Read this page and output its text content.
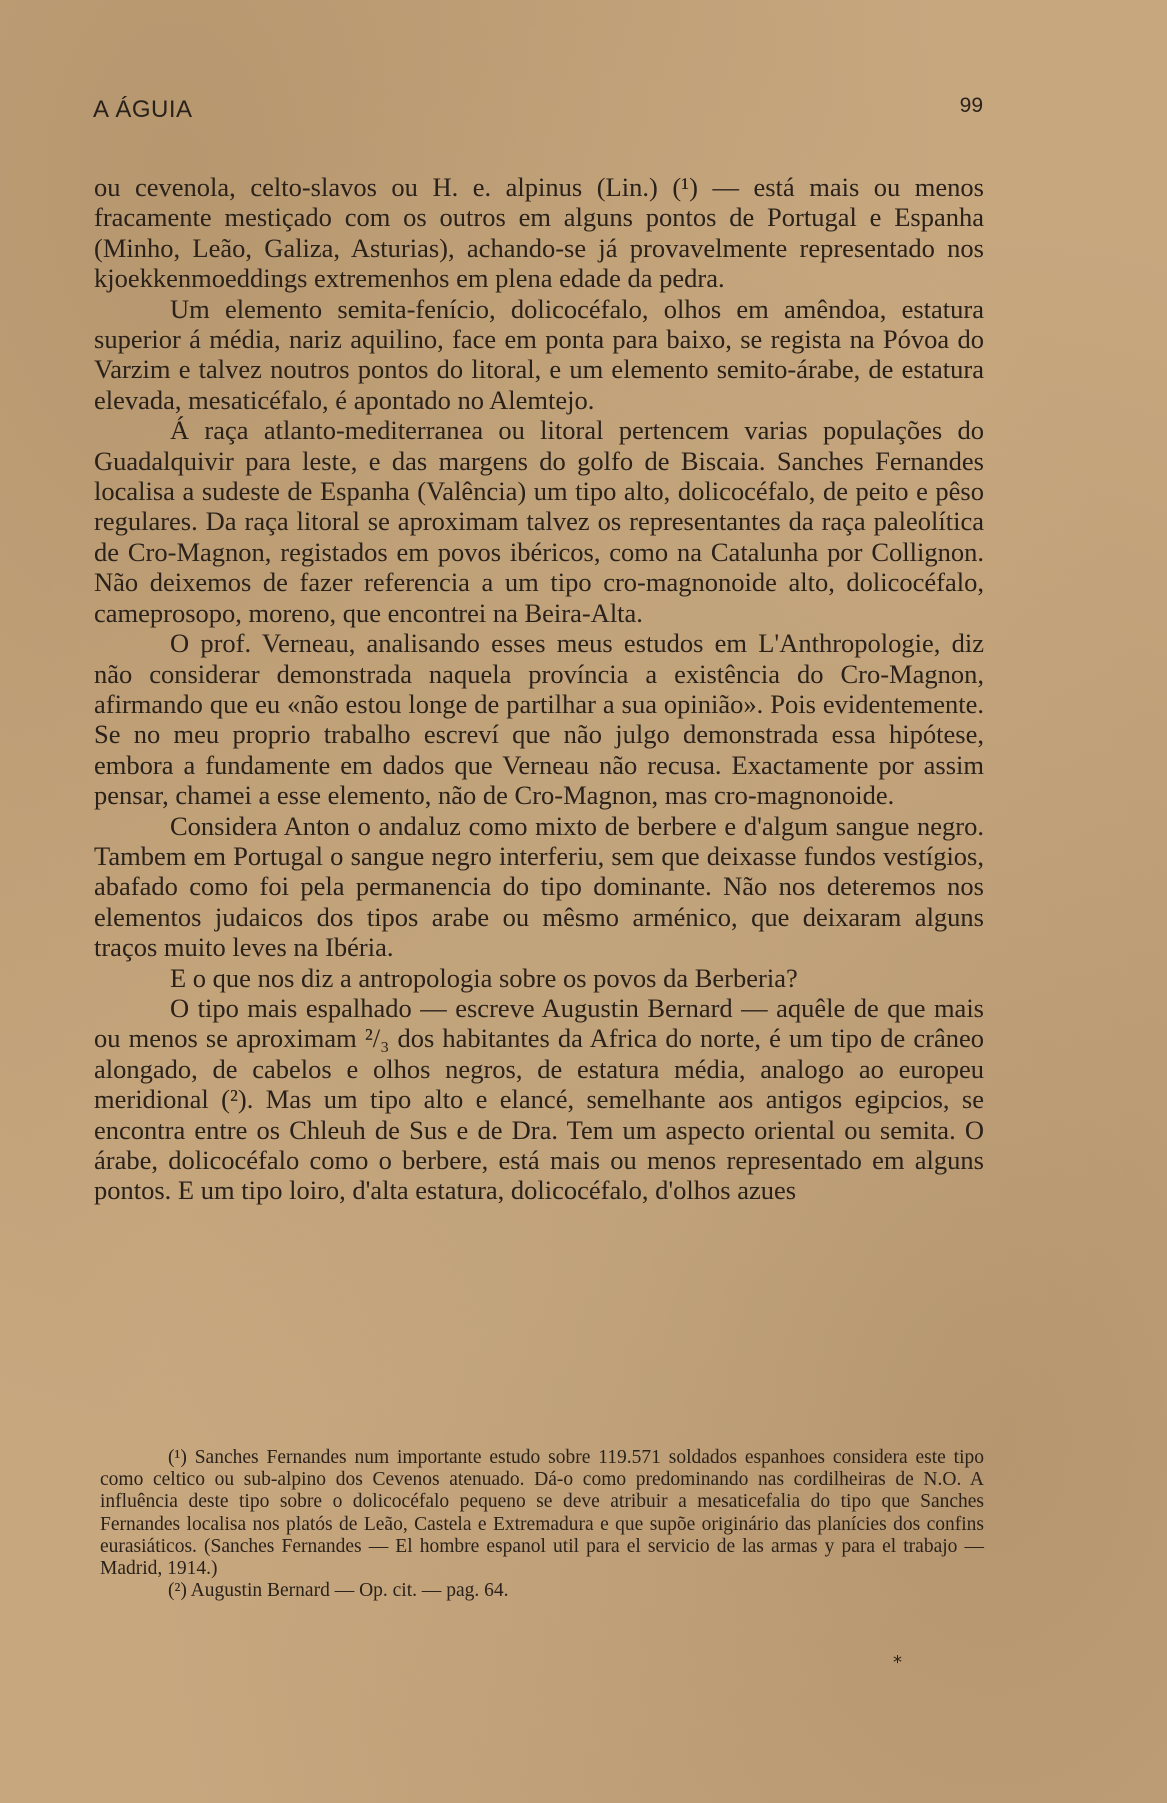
A ÁGUIA	99

ou cevenola, celto-slavos ou H. e. alpinus (Lin.) (¹) — está mais ou menos fracamente mestiçado com os outros em alguns pontos de Portugal e Espanha (Minho, Leão, Galiza, Asturias), achando-se já provavelmente representado nos kjoekkenmoeddings extremenhos em plena edade da pedra.

Um elemento semita-fenício, dolicocéfalo, olhos em amêndoa, estatura superior á média, nariz aquilino, face em ponta para baixo, se regista na Póvoa do Varzim e talvez noutros pontos do litoral, e um elemento semito-árabe, de estatura elevada, mesaticéfalo, é apontado no Alemtejo.

Á raça atlanto-mediterranea ou litoral pertencem varias populações do Guadalquivir para leste, e das margens do golfo de Biscaia. Sanches Fernandes localisa a sudeste de Espanha (Valência) um tipo alto, dolicocéfalo, de peito e pêso regulares. Da raça litoral se aproximam talvez os representantes da raça paleolítica de Cro-Magnon, registados em povos ibéricos, como na Catalunha por Collignon. Não deixemos de fazer referencia a um tipo cro-magnonoide alto, dolicocéfalo, cameprosopo, moreno, que encontrei na Beira-Alta.

O prof. Verneau, analisando esses meus estudos em L'Anthropologie, diz não considerar demonstrada naquela província a existência do Cro-Magnon, afirmando que eu «não estou longe de partilhar a sua opinião». Pois evidentemente. Se no meu proprio trabalho escreví que não julgo demonstrada essa hipótese, embora a fundamente em dados que Verneau não recusa. Exactamente por assim pensar, chamei a esse elemento, não de Cro-Magnon, mas cro-magnonoide.

Considera Anton o andaluz como mixto de berbere e d'algum sangue negro. Tambem em Portugal o sangue negro interferiu, sem que deixasse fundos vestígios, abafado como foi pela permanencia do tipo dominante. Não nos deteremos nos elementos judaicos dos tipos arabe ou mêsmo arménico, que deixaram alguns traços muito leves na Ibéria.

E o que nos diz a antropologia sobre os povos da Berberia?

O tipo mais espalhado — escreve Augustin Bernard — aquêle de que mais ou menos se aproximam ²/₃ dos habitantes da Africa do norte, é um tipo de crâneo alongado, de cabelos e olhos negros, de estatura média, analogo ao europeu meridional (²). Mas um tipo alto e elancé, semelhante aos antigos egipcios, se encontra entre os Chleuh de Sus e de Dra. Tem um aspecto oriental ou semita. O árabe, dolicocéfalo como o berbere, está mais ou menos representado em alguns pontos. E um tipo loiro, d'alta estatura, dolicocéfalo, d'olhos azues

(¹) Sanches Fernandes num importante estudo sobre 119.571 soldados espanhoes considera este tipo como celtico ou sub-alpino dos Cevenos atenuado. Dá-o como predominando nas cordilheiras de N.O. A influência deste tipo sobre o dolicocéfalo pequeno se deve atribuir a mesaticefalia do tipo que Sanches Fernandes localisa nos platós de Leão, Castela e Extremadura e que supõe originário das planícies dos confins eurasiáticos. (Sanches Fernandes — El hombre espanol util para el servicio de las armas y para el trabajo — Madrid, 1914.)

(²) Augustin Bernard — Op. cit. — pag. 64.

*
